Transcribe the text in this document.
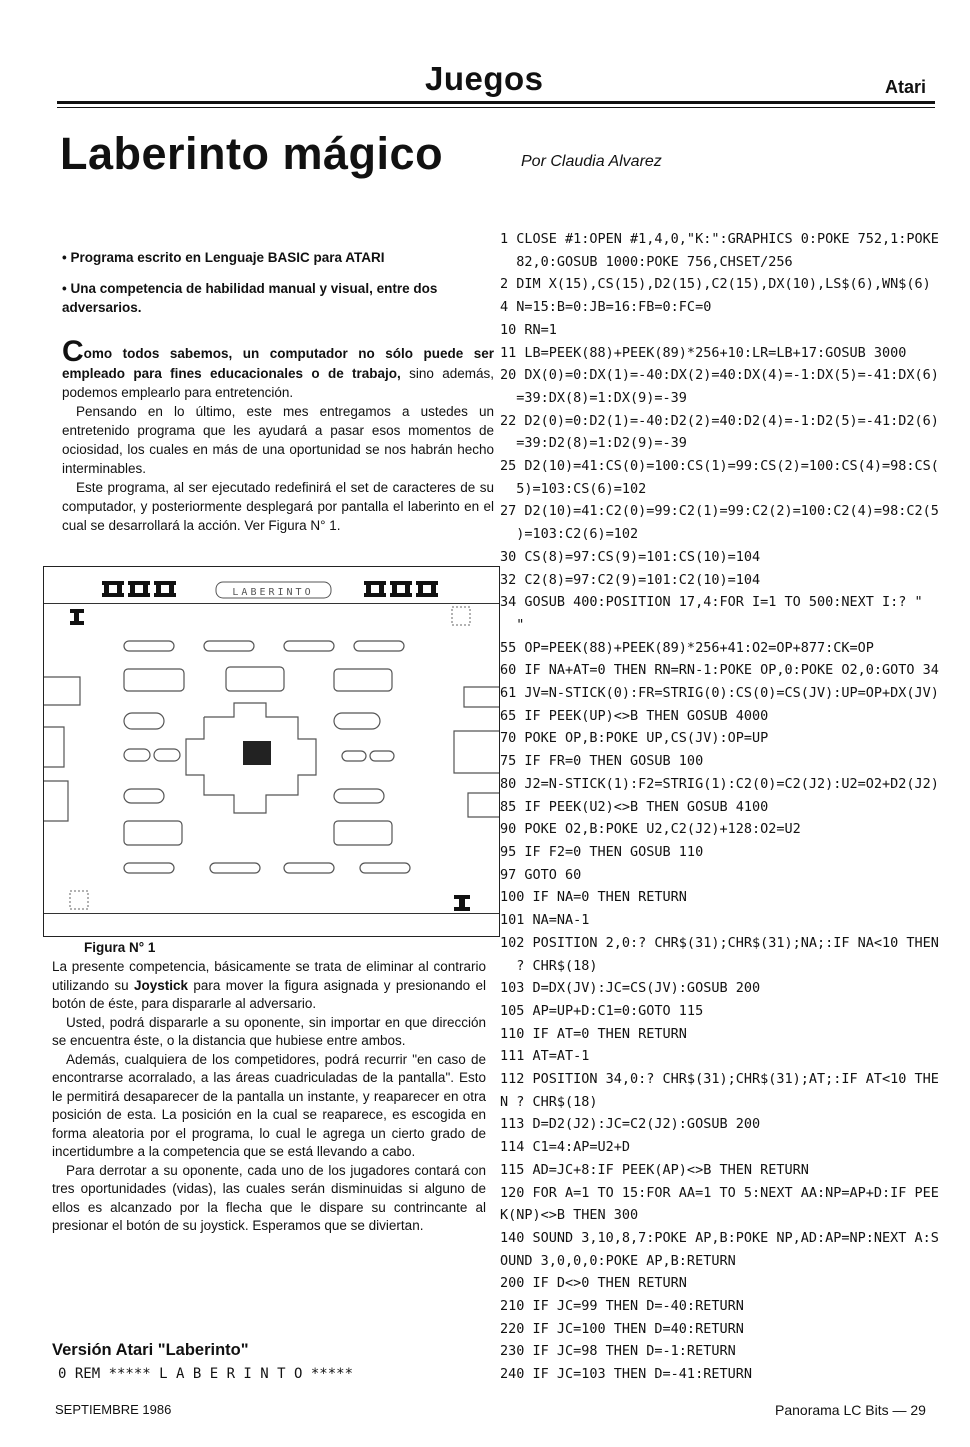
Juegos	Atari
Laberinto mágico	Por Claudia Alvarez

• Programa escrito en Lenguaje BASIC para ATARI

• Una competencia de habilidad manual y visual, entre dos adversarios.

Como todos sabemos, un computador no sólo puede ser empleado para fines educacionales o de trabajo, sino además, podemos emplearlo para entretención.

Pensando en lo último, este mes entregamos a ustedes un entretenido programa que les ayudará a pasar esos momentos de ociosidad, los cuales en más de una oportunidad se nos habrán hecho interminables.

Este programa, al ser ejecutado redefinirá el set de caracteres de su computador, y posteriormente desplegará por pantalla el laberinto en el cual se desarrollará la acción. Ver Figura N° 1.

LABERINTO
Figura N° 1

La presente competencia, básicamente se trata de eliminar al contrario utilizando su Joystick para mover la figura asignada y presionando el botón de éste, para dispararle al adversario.

Usted, podrá dispararle a su oponente, sin importar en que dirección se encuentra éste, o la distancia que hubiese entre ambos.

Además, cualquiera de los competidores, podrá recurrir "en caso de encontrarse acorralado, a las áreas cuadriculadas de la pantalla". Esto le permitirá desaparecer de la pantalla un instante, y reaparecer en otra posición de esta. La posición en la cual se reaparece, es escogida en forma aleatoria por el programa, lo cual le agrega un cierto grado de incertidumbre a la competencia que se está llevando a cabo.

Para derrotar a su oponente, cada uno de los jugadores contará con tres oportunidades (vidas), las cuales serán disminuidas si alguno de ellos es alcanzado por la flecha que le dispare su contrincante al presionar el botón de su joystick. Esperamos que se diviertan.

Versión Atari "Laberinto"
0 REM ***** L A B E R I N T O *****
1 CLOSE #1:OPEN #1,4,0,"K:":GRAPHICS 0:POKE 752,1:POKE
82,0:GOSUB 1000:POKE 756,CHSET/256
2 DIM X(15),CS(15),D2(15),C2(15),DX(10),LS$(6),WN$(6)
4 N=15:B=0:JB=16:FB=0:FC=0
10 RN=1
11 LB=PEEK(88)+PEEK(89)*256+10:LR=LB+17:GOSUB 3000
20 DX(0)=0:DX(1)=-40:DX(2)=40:DX(4)=-1:DX(5)=-41:DX(6)
=39:DX(8)=1:DX(9)=-39
22 D2(0)=0:D2(1)=-40:D2(2)=40:D2(4)=-1:D2(5)=-41:D2(6)
=39:D2(8)=1:D2(9)=-39
25 D2(10)=41:CS(0)=100:CS(1)=99:CS(2)=100:CS(4)=98:CS(
5)=103:CS(6)=102
27 D2(10)=41:C2(0)=99:C2(1)=99:C2(2)=100:C2(4)=98:C2(5
)=103:C2(6)=102
30 CS(8)=97:CS(9)=101:CS(10)=104
32 C2(8)=97:C2(9)=101:C2(10)=104
34 GOSUB 400:POSITION 17,4:FOR I=1 TO 500:NEXT I:? "
"
55 OP=PEEK(88)+PEEK(89)*256+41:O2=OP+877:CK=OP
60 IF NA+AT=0 THEN RN=RN-1:POKE OP,0:POKE O2,0:GOTO 34
61 JV=N-STICK(0):FR=STRIG(0):CS(0)=CS(JV):UP=OP+DX(JV)
65 IF PEEK(UP)<>B THEN GOSUB 4000
70 POKE OP,B:POKE UP,CS(JV):OP=UP
75 IF FR=0 THEN GOSUB 100
80 J2=N-STICK(1):F2=STRIG(1):C2(0)=C2(J2):U2=O2+D2(J2)
85 IF PEEK(U2)<>B THEN GOSUB 4100
90 POKE O2,B:POKE U2,C2(J2)+128:O2=U2
95 IF F2=0 THEN GOSUB 110
97 GOTO 60
100 IF NA=0 THEN RETURN
101 NA=NA-1
102 POSITION 2,0:? CHR$(31);CHR$(31);NA;:IF NA<10 THEN
? CHR$(18)
103 D=DX(JV):JC=CS(JV):GOSUB 200
105 AP=UP+D:C1=0:GOTO 115
110 IF AT=0 THEN RETURN
111 AT=AT-1
112 POSITION 34,0:? CHR$(31);CHR$(31);AT;:IF AT<10 THE
N ? CHR$(18)
113 D=D2(J2):JC=C2(J2):GOSUB 200
114 C1=4:AP=U2+D
115 AD=JC+8:IF PEEK(AP)<>B THEN RETURN
120 FOR A=1 TO 15:FOR AA=1 TO 5:NEXT AA:NP=AP+D:IF PEE
K(NP)<>B THEN 300
140 SOUND 3,10,8,7:POKE AP,B:POKE NP,AD:AP=NP:NEXT A:S
OUND 3,0,0,0:POKE AP,B:RETURN
200 IF D<>0 THEN RETURN
210 IF JC=99 THEN D=-40:RETURN
220 IF JC=100 THEN D=40:RETURN
230 IF JC=98 THEN D=-1:RETURN
240 IF JC=103 THEN D=-41:RETURN
SEPTIEMBRE 1986	Panorama LC Bits — 29
